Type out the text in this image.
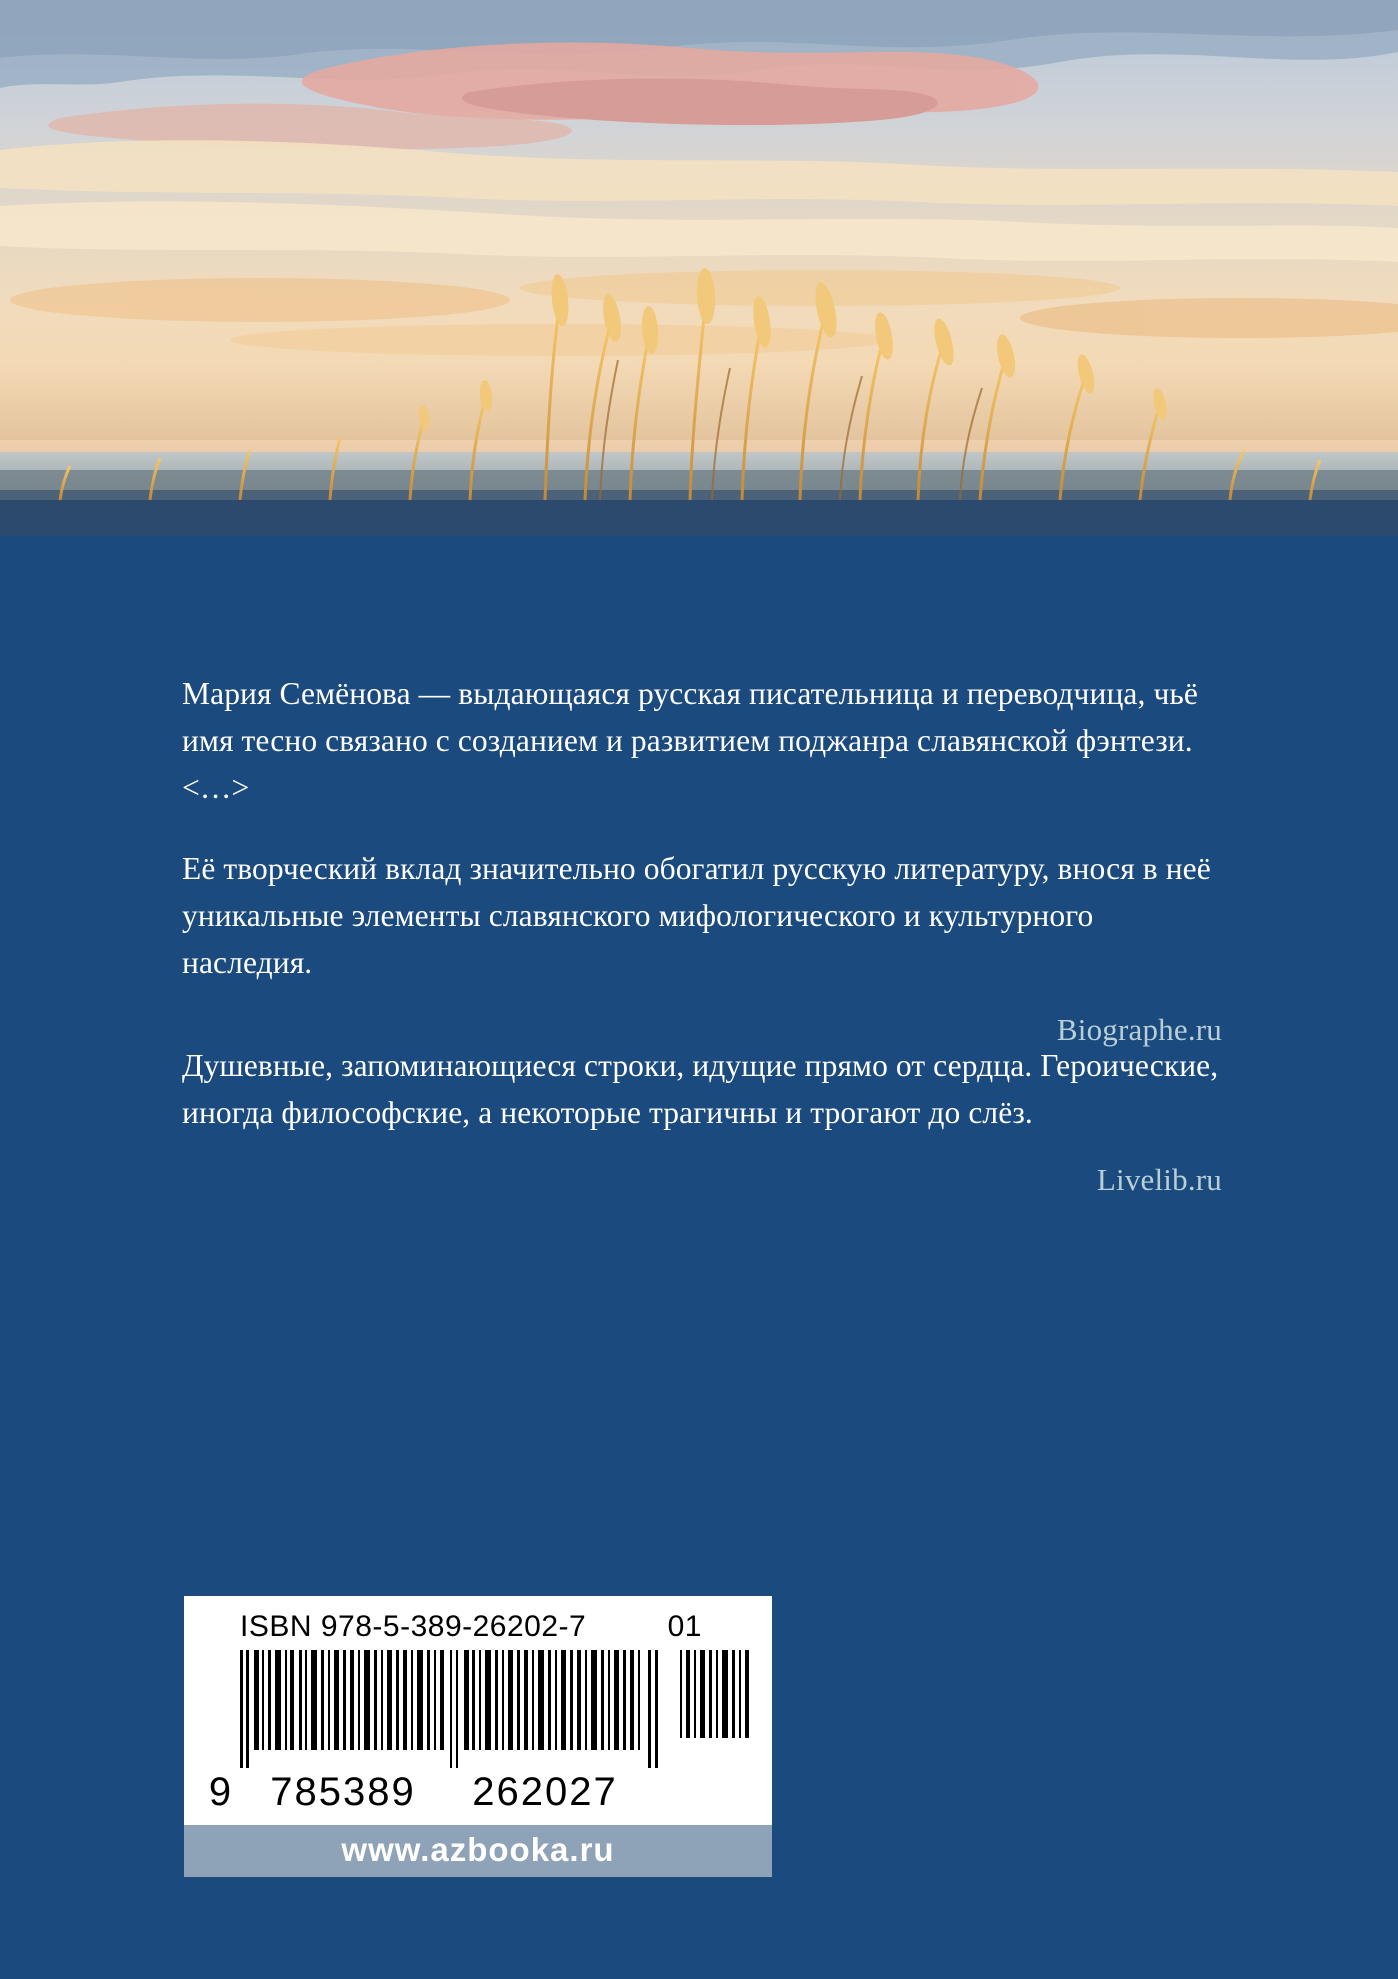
Мария Семёнова — выдающаяся русская писательница и переводчица, чьё имя тесно связано с созданием и развитием поджанра славянской фэнтези. <…>

Её творческий вклад значительно обогатил русскую литературу, внося в неё уникальные элементы славянского мифологического и культурного наследия.

Biographe.ru

Душевные, запоминающиеся строки, идущие прямо от сердца. Героические, иногда философские, а некоторые трагичны и трогают до слёз.

Livelib.ru
ISBN 978-5-389-26202-7	01
9 785389	262027
www.azbooka.ru
